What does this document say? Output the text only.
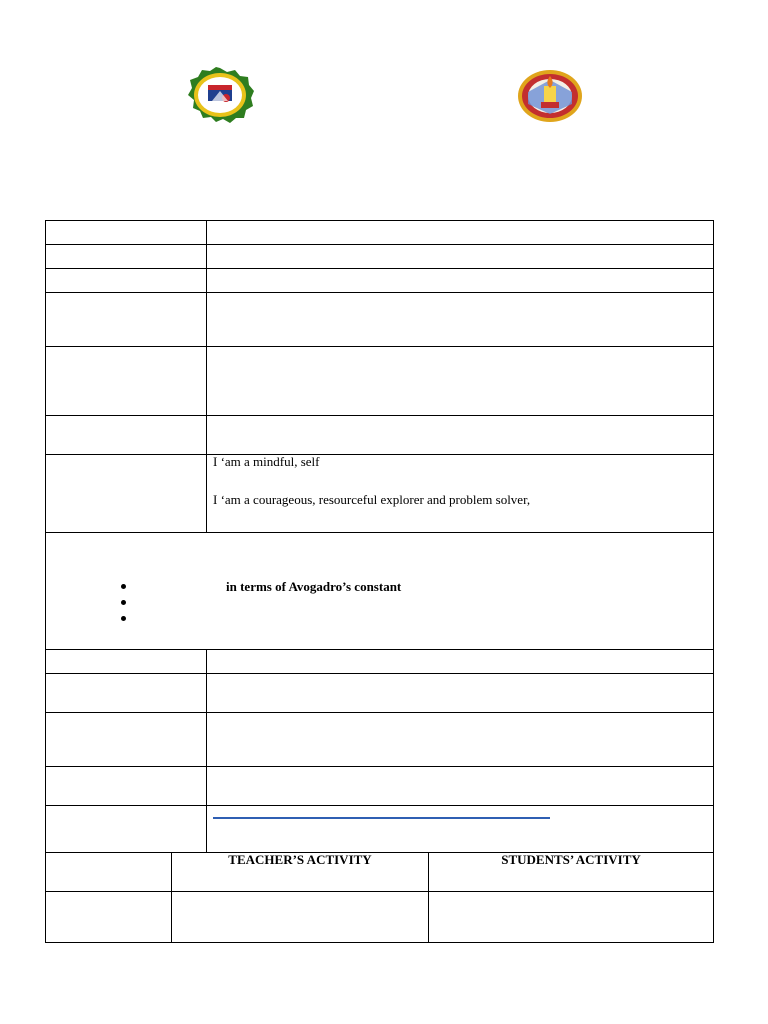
I ‘am a mindful, self
I ‘am a courageous, resourceful explorer and problem solver,
in terms of Avogadro’s constant
TEACHER’S ACTIVITY	STUDENTS’ ACTIVITY
